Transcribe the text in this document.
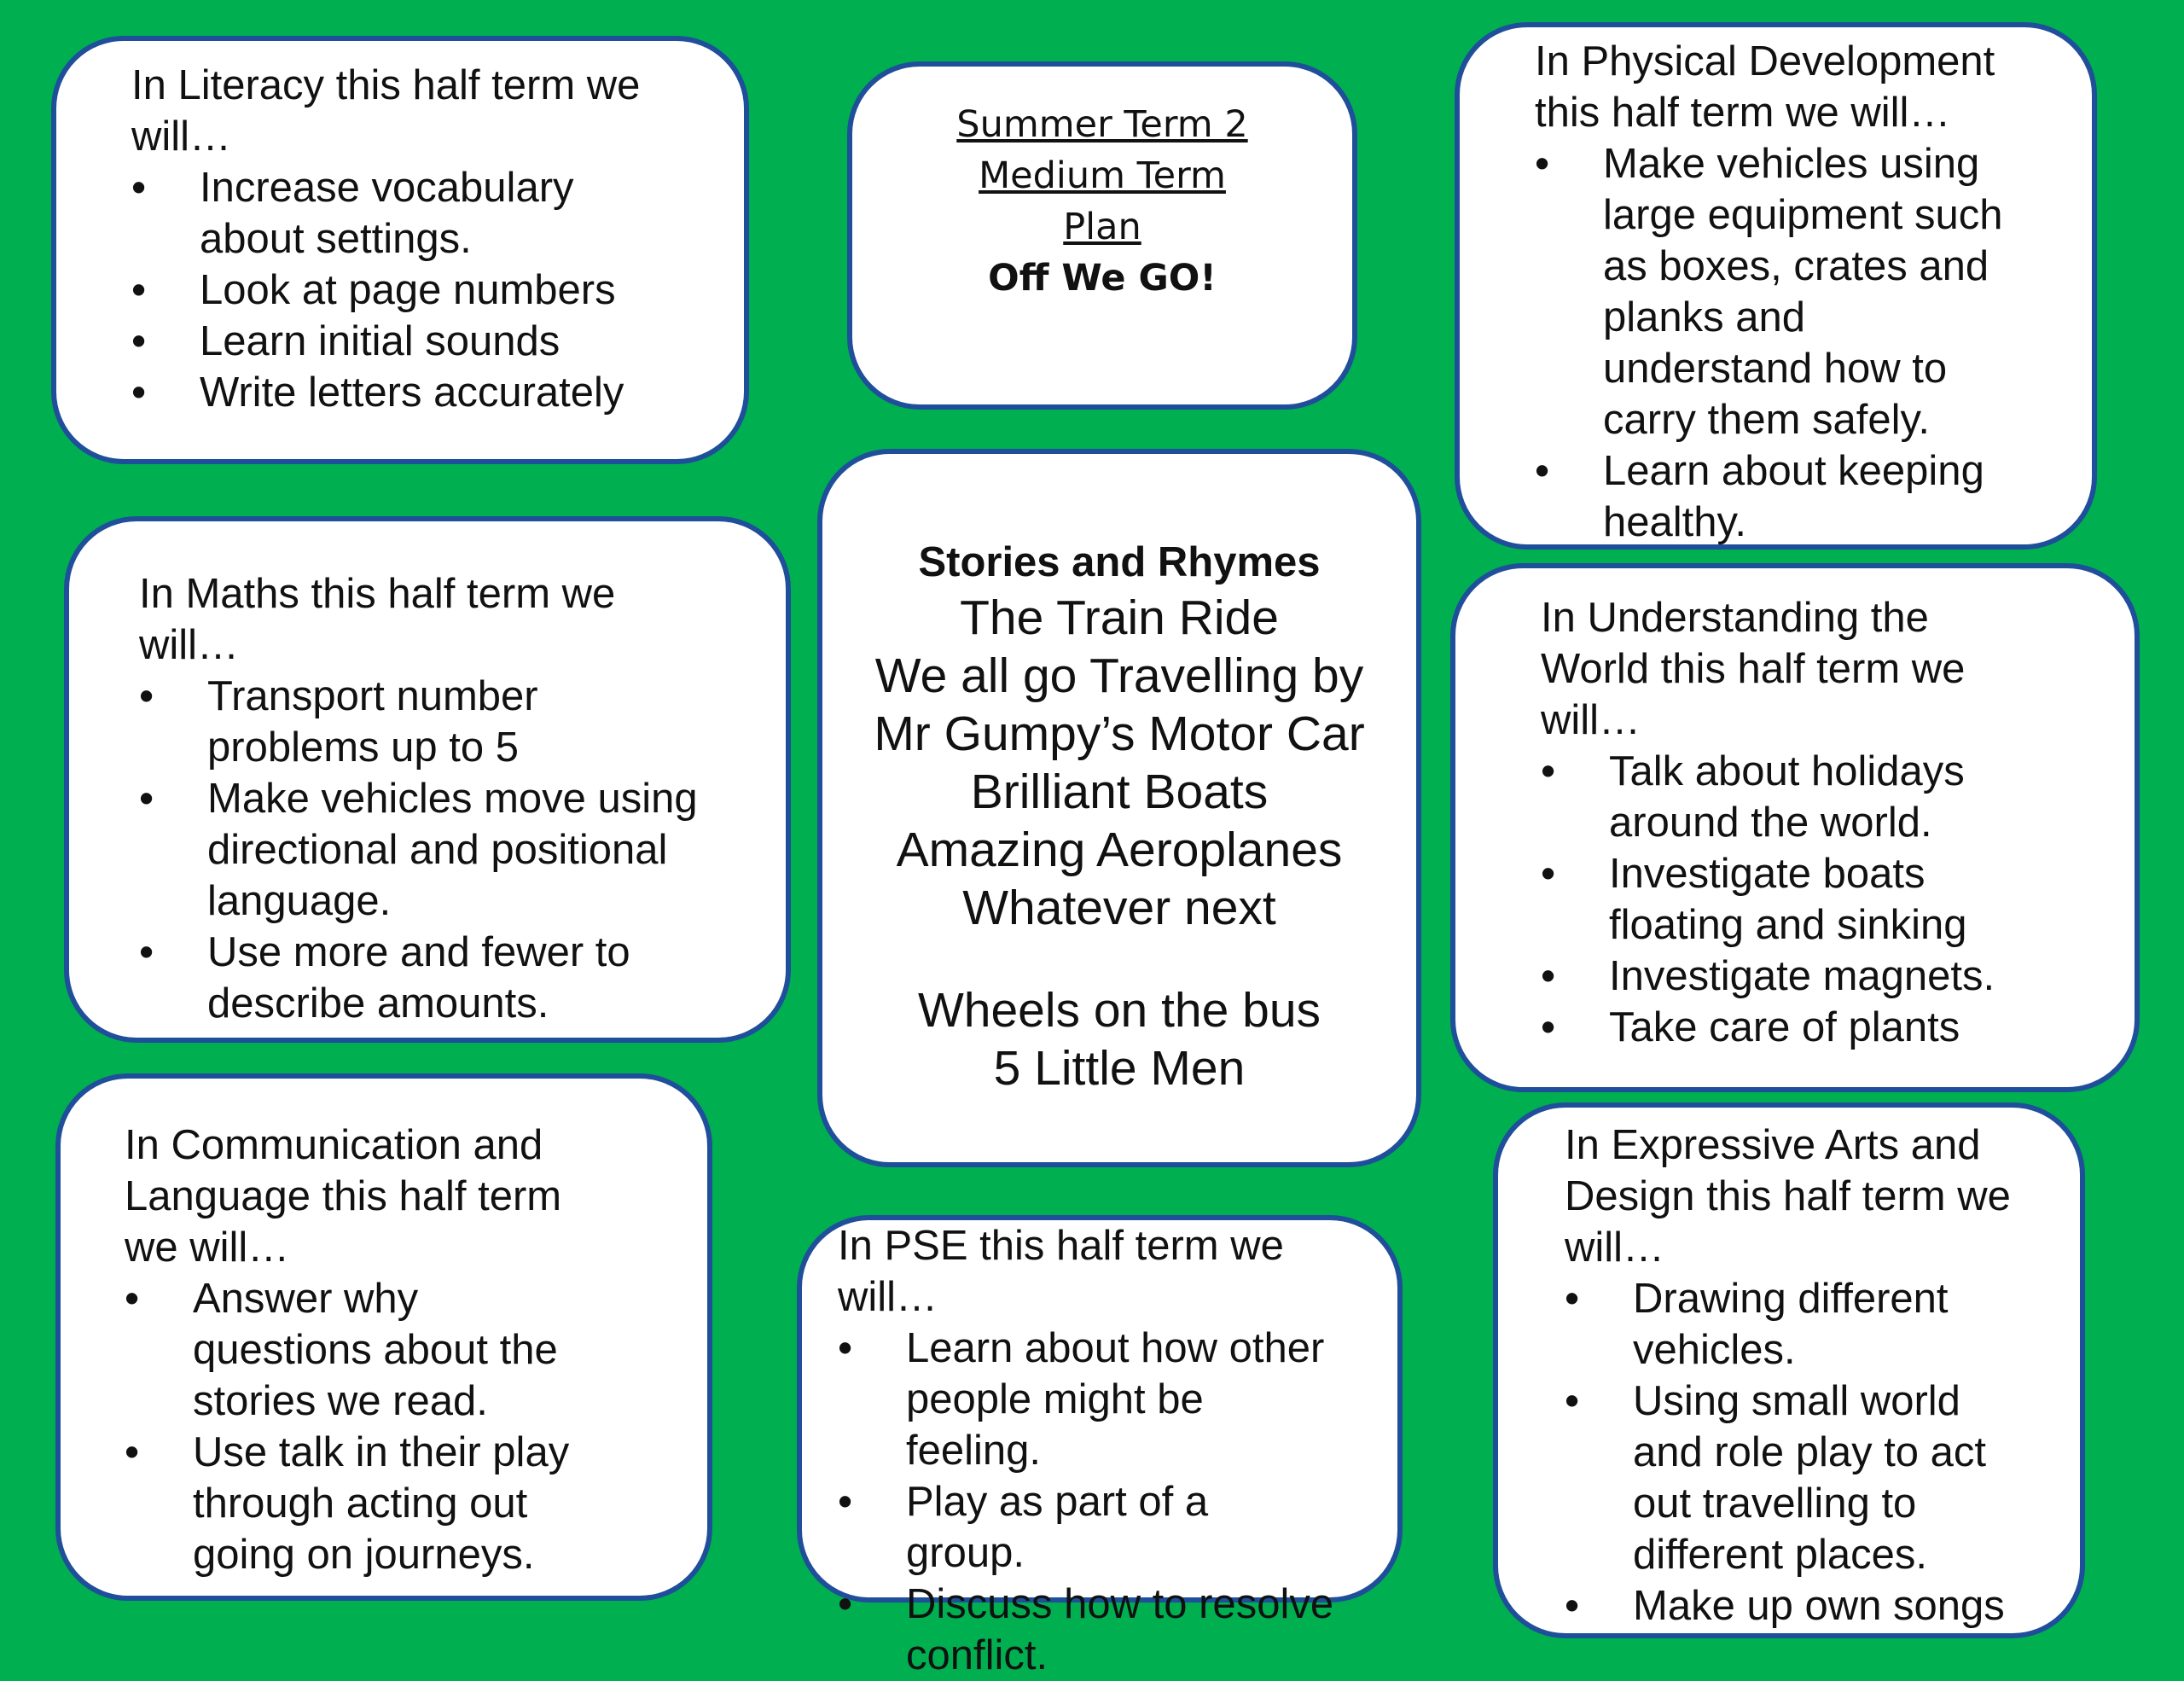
In Literacy this half term we
will…

• Increase vocabulary about settings.
• Look at page numbers
• Learn initial sounds
• Write letters accurately
Summer Term 2
Medium Term
Plan
Off We GO!

In Physical Development
this half term we will…

• Make vehicles using large equipment such as boxes, crates and planks and understand how to carry them safely.
• Learn about keeping healthy.

In Maths this half term we
will…

• Transport number problems up to 5
• Make vehicles move using directional and positional language.
• Use more and fewer to describe amounts.
Stories and Rhymes
The Train Ride
We all go Travelling by
Mr Gumpy’s Motor Car
Brilliant Boats
Amazing Aeroplanes
Whatever next
Wheels on the bus
5 Little Men

In Understanding the
World this half term we
will…

• Talk about holidays around the world.
• Investigate boats floating and sinking
• Investigate magnets.
• Take care of plants

In Communication and
Language this half term
we will…

• Answer why questions about the stories we read.
• Use talk in their play through acting out going on journeys.

In PSE this half term we
will…

• Learn about how other people might be feeling.
• Play as part of a group.
• Discuss how to resolve conflict.

In Expressive Arts and
Design this half term we
will…

• Drawing different vehicles.
• Using small world and role play to act out travelling to different places.
• Make up own songs
